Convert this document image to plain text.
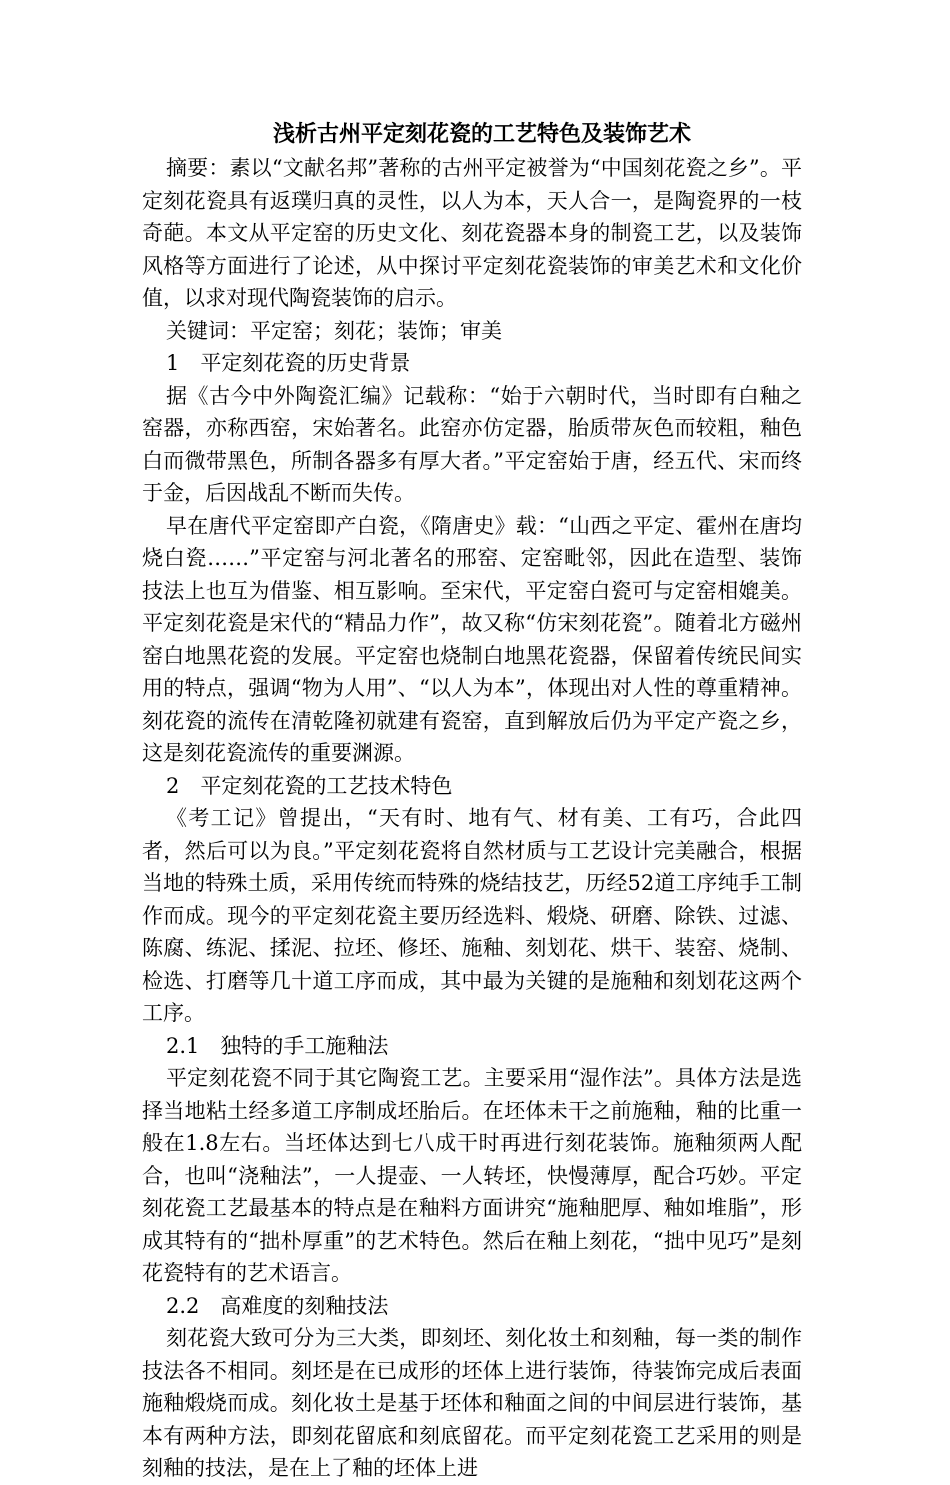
浅析古州平定刻花瓷的工艺特色及装饰艺术

摘要：素以“文献名邦”著称的古州平定被誉为“中国刻花瓷之乡”。平定刻花瓷具有返璞归真的灵性，以人为本，天人合一，是陶瓷界的一枝奇葩。本文从平定窑的历史文化、刻花瓷器本身的制瓷工艺，以及装饰风格等方面进行了论述，从中探讨平定刻花瓷装饰的审美艺术和文化价值，以求对现代陶瓷装饰的启示。

关键词：平定窑；刻花；装饰；审美

1　平定刻花瓷的历史背景

据《古今中外陶瓷汇编》记载称：“始于六朝时代，当时即有白釉之窑器，亦称西窑，宋始著名。此窑亦仿定器，胎质带灰色而较粗，釉色白而微带黑色，所制各器多有厚大者。”平定窑始于唐，经五代、宋而终于金，后因战乱不断而失传。

早在唐代平定窑即产白瓷，《隋唐史》载：“山西之平定、霍州在唐均烧白瓷……”平定窑与河北著名的邢窑、定窑毗邻，因此在造型、装饰技法上也互为借鉴、相互影响。至宋代，平定窑白瓷可与定窑相媲美。平定刻花瓷是宋代的“精品力作”，故又称“仿宋刻花瓷”。随着北方磁州窑白地黑花瓷的发展。平定窑也烧制白地黑花瓷器，保留着传统民间实用的特点，强调“物为人用”、“以人为本”，体现出对人性的尊重精神。刻花瓷的流传在清乾隆初就建有瓷窑，直到解放后仍为平定产瓷之乡，这是刻花瓷流传的重要渊源。

2　平定刻花瓷的工艺技术特色

《考工记》曾提出，“天有时、地有气、材有美、工有巧，合此四者，然后可以为良。”平定刻花瓷将自然材质与工艺设计完美融合，根据当地的特殊土质，采用传统而特殊的烧结技艺，历经52道工序纯手工制作而成。现今的平定刻花瓷主要历经选料、煅烧、研磨、除铁、过滤、陈腐、练泥、揉泥、拉坯、修坯、施釉、刻划花、烘干、装窑、烧制、检选、打磨等几十道工序而成，其中最为关键的是施釉和刻划花这两个工序。

2.1　独特的手工施釉法

平定刻花瓷不同于其它陶瓷工艺。主要采用“湿作法”。具体方法是选择当地粘土经多道工序制成坯胎后。在坯体未干之前施釉，釉的比重一般在1.8左右。当坯体达到七八成干时再进行刻花装饰。施釉须两人配合，也叫“浇釉法”，一人提壶、一人转坯，快慢薄厚，配合巧妙。平定刻花瓷工艺最基本的特点是在釉料方面讲究“施釉肥厚、釉如堆脂”，形成其特有的“拙朴厚重”的艺术特色。然后在釉上刻花，“拙中见巧”是刻花瓷特有的艺术语言。

2.2　高难度的刻釉技法

刻花瓷大致可分为三大类，即刻坯、刻化妆土和刻釉，每一类的制作技法各不相同。刻坯是在已成形的坯体上进行装饰，待装饰完成后表面施釉煅烧而成。刻化妆土是基于坯体和釉面之间的中间层进行装饰，基本有两种方法，即刻花留底和刻底留花。而平定刻花瓷工艺采用的则是刻釉的技法，是在上了釉的坯体上进
